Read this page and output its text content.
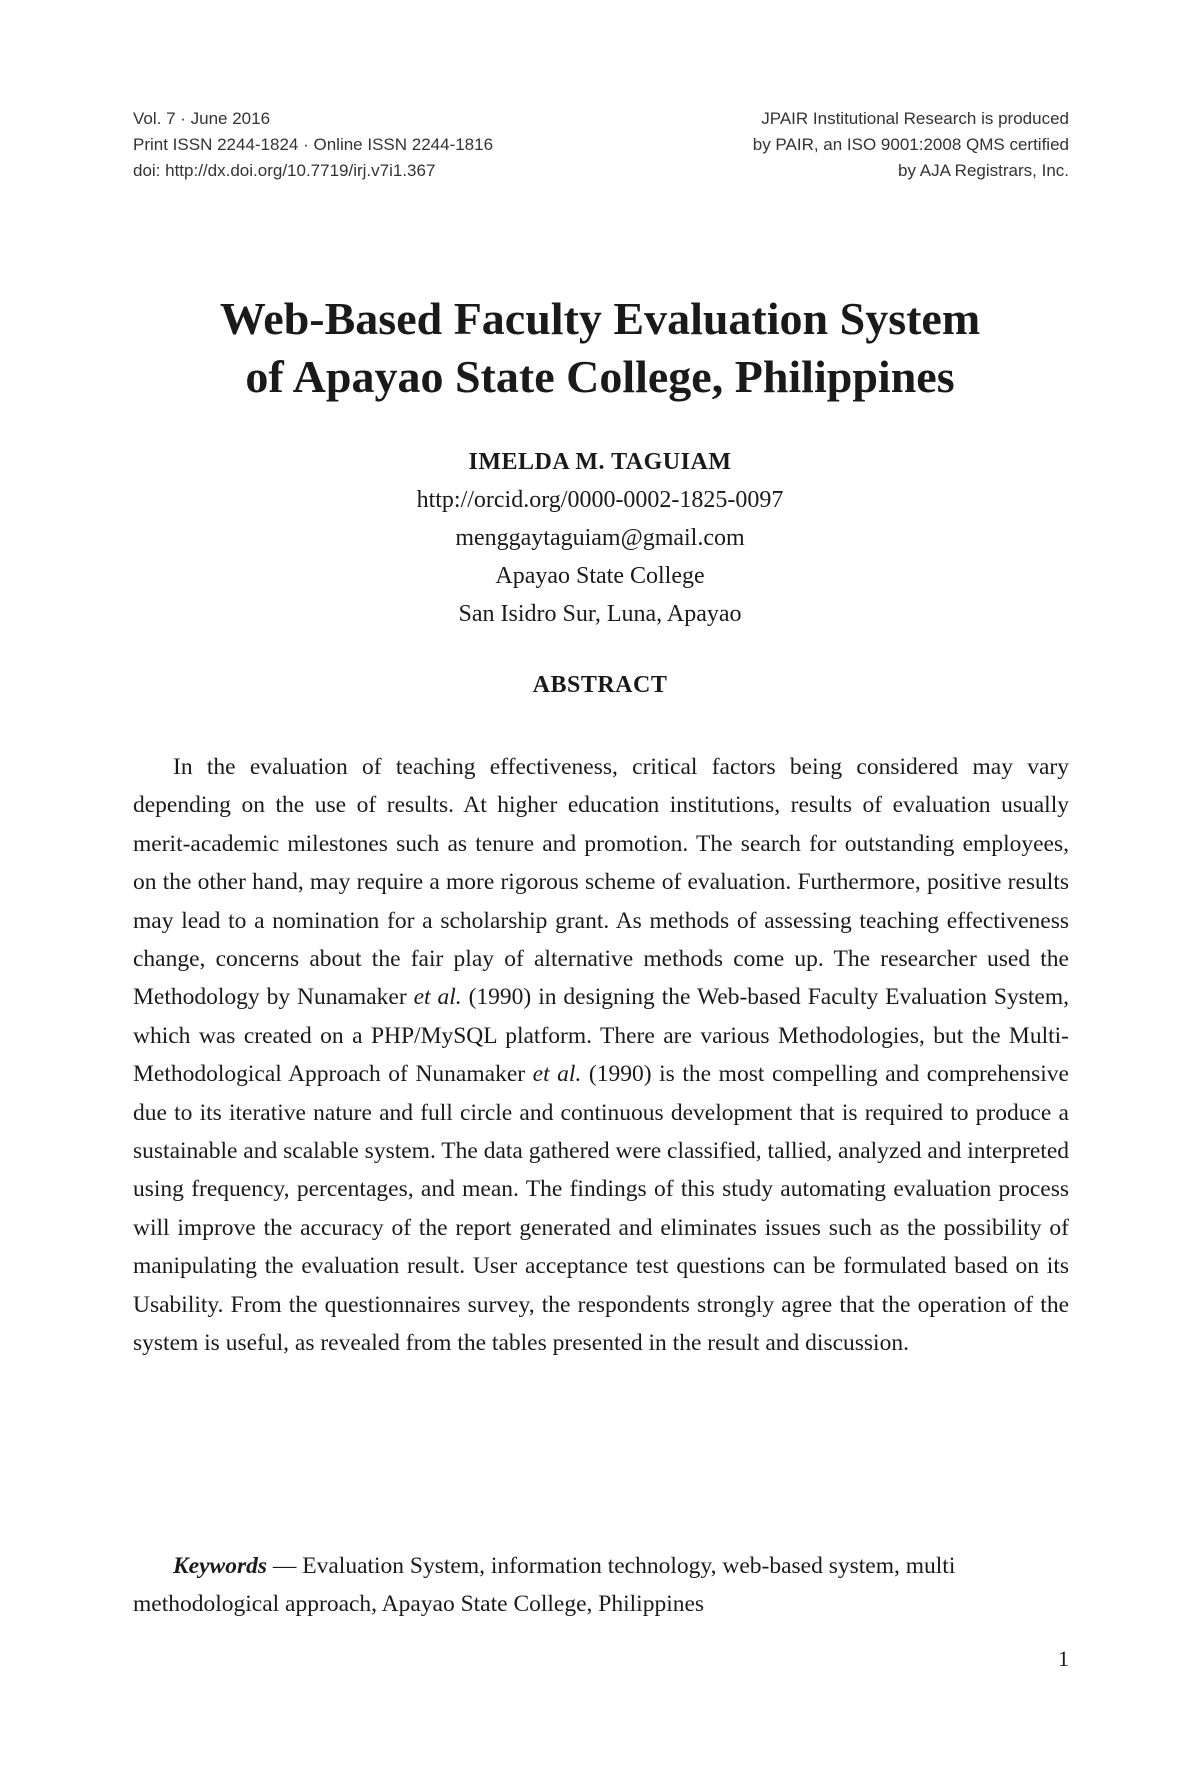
Vol. 7 · June 2016
Print ISSN 2244-1824 · Online ISSN 2244-1816
doi: http://dx.doi.org/10.7719/irj.v7i1.367
JPAIR Institutional Research is produced
by PAIR, an ISO 9001:2008 QMS certified
by AJA Registrars, Inc.
Web-Based Faculty Evaluation System
of Apayao State College, Philippines
IMELDA M. TAGUIAM
http://orcid.org/0000-0002-1825-0097
menggaytaguiam@gmail.com
Apayao State College
San Isidro Sur, Luna, Apayao
ABSTRACT

In the evaluation of teaching effectiveness, critical factors being considered may vary depending on the use of results. At higher education institutions, results of evaluation usually merit-academic milestones such as tenure and promotion. The search for outstanding employees, on the other hand, may require a more rigorous scheme of evaluation. Furthermore, positive results may lead to a nomination for a scholarship grant. As methods of assessing teaching effectiveness change, concerns about the fair play of alternative methods come up. The researcher used the Methodology by Nunamaker et al. (1990) in designing the Web-based Faculty Evaluation System, which was created on a PHP/MySQL platform. There are various Methodologies, but the Multi-Methodological Approach of Nunamaker et al. (1990) is the most compelling and comprehensive due to its iterative nature and full circle and continuous development that is required to produce a sustainable and scalable system. The data gathered were classified, tallied, analyzed and interpreted using frequency, percentages, and mean. The findings of this study automating evaluation process will improve the accuracy of the report generated and eliminates issues such as the possibility of manipulating the evaluation result. User acceptance test questions can be formulated based on its Usability. From the questionnaires survey, the respondents strongly agree that the operation of the system is useful, as revealed from the tables presented in the result and discussion.

Keywords — Evaluation System, information technology, web-based system, multi methodological approach, Apayao State College, Philippines

1
